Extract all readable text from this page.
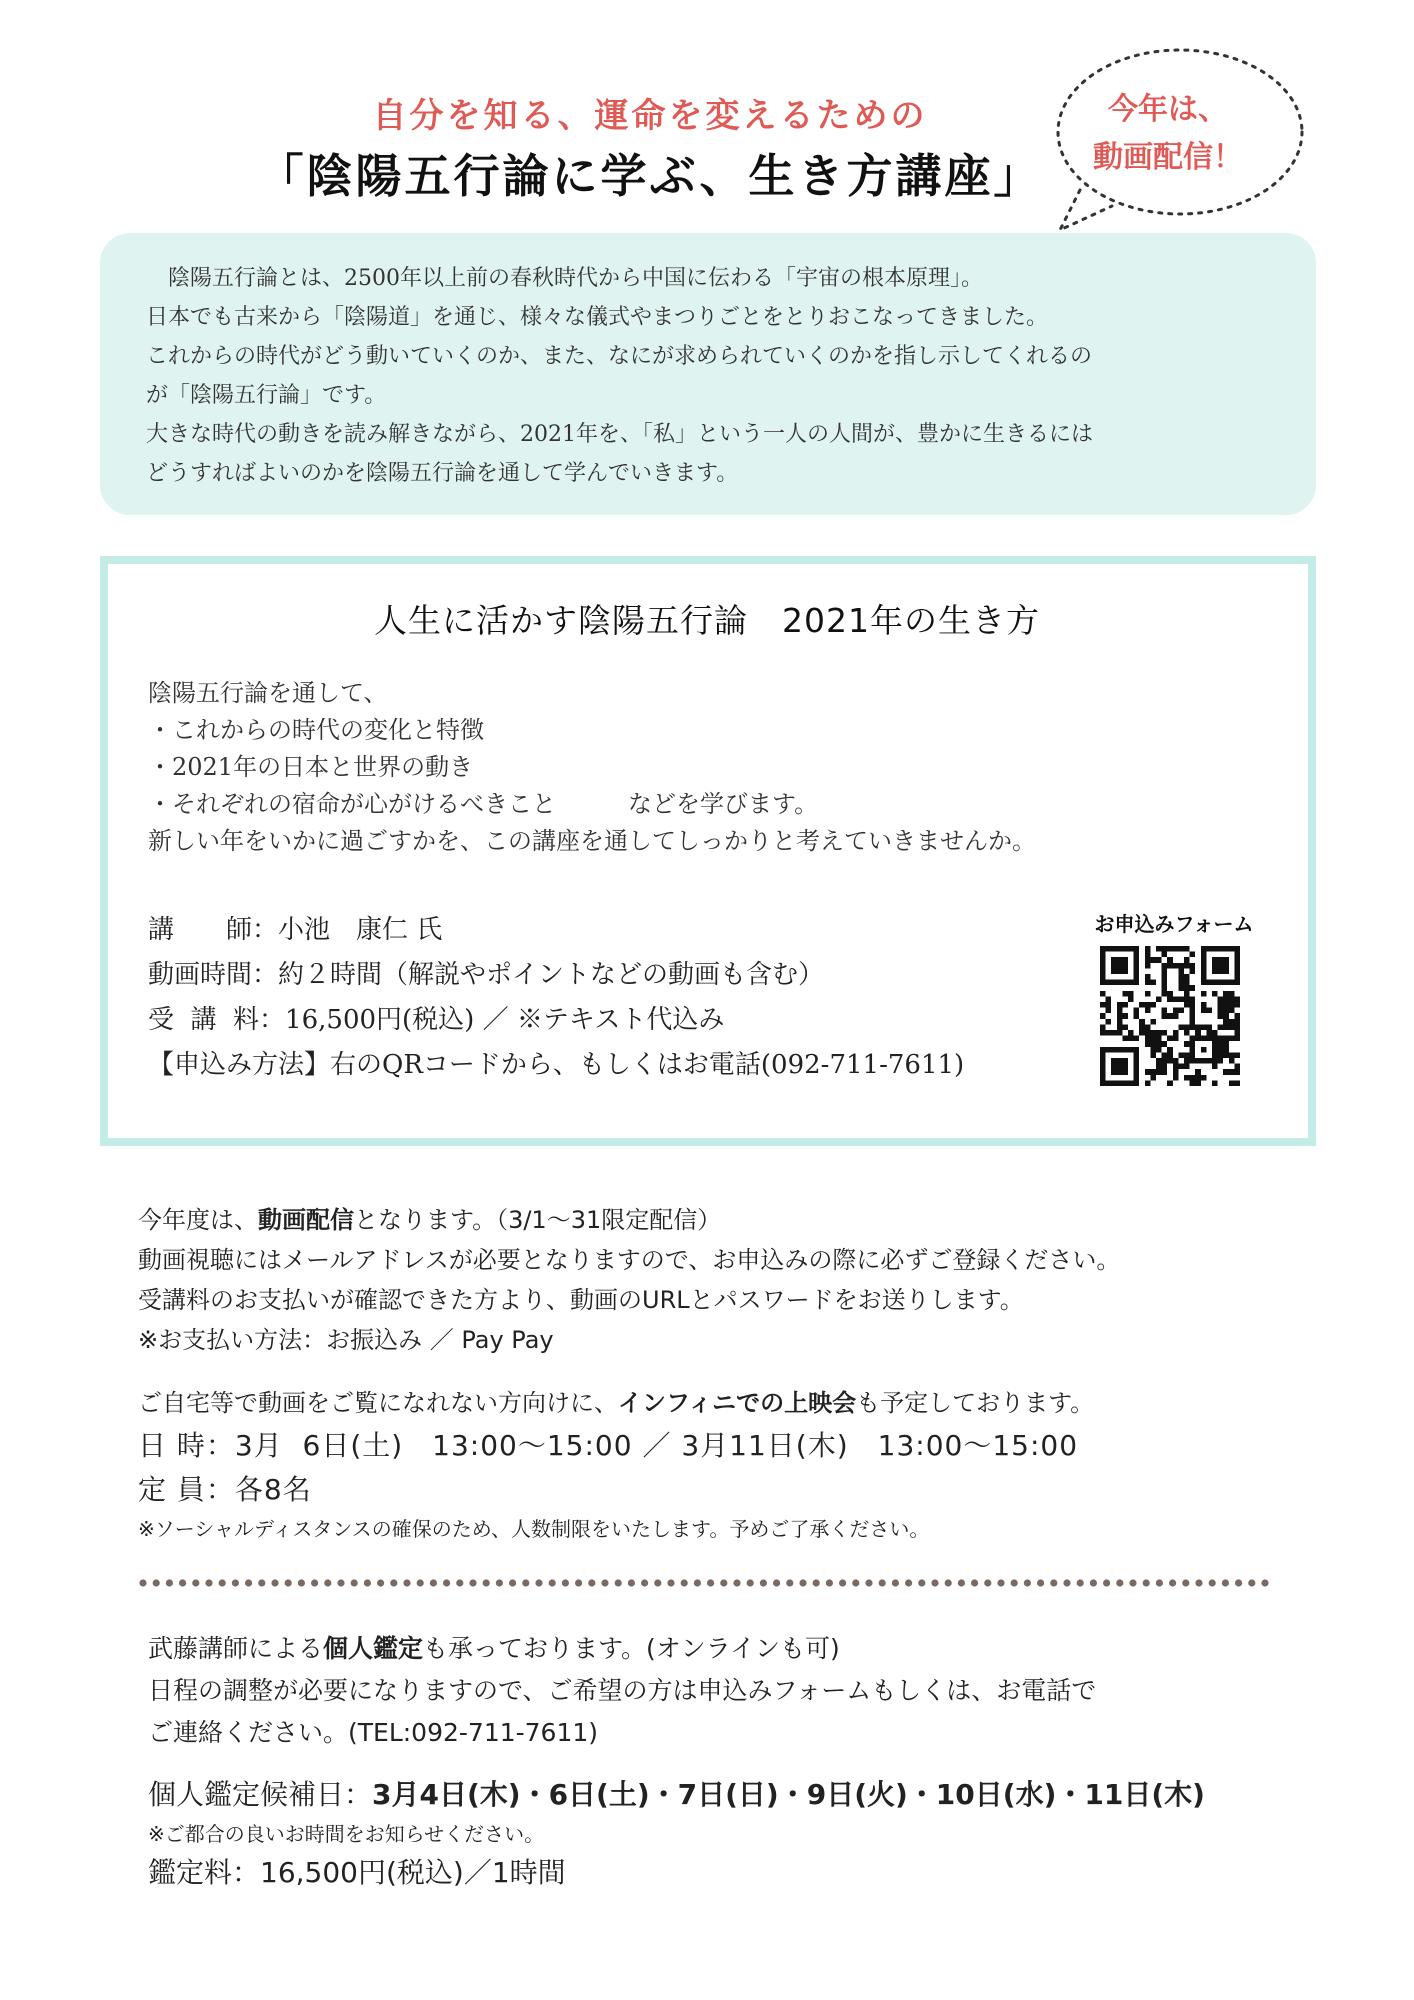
自分を知る、運命を変えるための
「陰陽五行論に学ぶ、生き方講座」
今年は、
動画配信！

　陰陽五行論とは、2500年以上前の春秋時代から中国に伝わる「宇宙の根本原理」。

日本でも古来から「陰陽道」を通じ、様々な儀式やまつりごとをとりおこなってきました。

これからの時代がどう動いていくのか、また、なにが求められていくのかを指し示してくれるの

が「陰陽五行論」です。

大きな時代の動きを読み解きながら、2021年を、「私」という一人の人間が、豊かに生きるには

どうすればよいのかを陰陽五行論を通して学んでいきます。

人生に活かす陰陽五行論　2021年の生き方

陰陽五行論を通して、

・これからの時代の変化と特徴

・2021年の日本と世界の動き

・それぞれの宿命が心がけるべきこと　　　などを学びます。

新しい年をいかに過ごすかを、この講座を通してしっかりと考えていきませんか。

講　　師：小池　康仁 氏

動画時間：約２時間（解説やポイントなどの動画も含む）

受  講  料：16,500円(税込) ／ ※テキスト代込み

【申込み方法】右のQRコードから、もしくはお電話(092-711-7611)

お申込みフォーム

今年度は、動画配信となります。（3/1～31限定配信）

動画視聴にはメールアドレスが必要となりますので、お申込みの際に必ずご登録ください。

受講料のお支払いが確認できた方より、動画のURLとパスワードをお送りします。

※お支払い方法：お振込み ／ Pay Pay

ご自宅等で動画をご覧になれない方向けに、インフィニでの上映会も予定しております。

日 時：3月  6日(土)　13:00～15:00 ／ 3月11日(木)　13:00～15:00

定 員：各8名

※ソーシャルディスタンスの確保のため、人数制限をいたします。予めご了承ください。

武藤講師による個人鑑定も承っております。(オンラインも可)

日程の調整が必要になりますので、ご希望の方は申込みフォームもしくは、お電話で

ご連絡ください。(TEL:092-711-7611)

個人鑑定候補日：3月4日(木)・6日(土)・7日(日)・9日(火)・10日(水)・11日(木)

※ご都合の良いお時間をお知らせください。

鑑定料：16,500円(税込)／1時間
